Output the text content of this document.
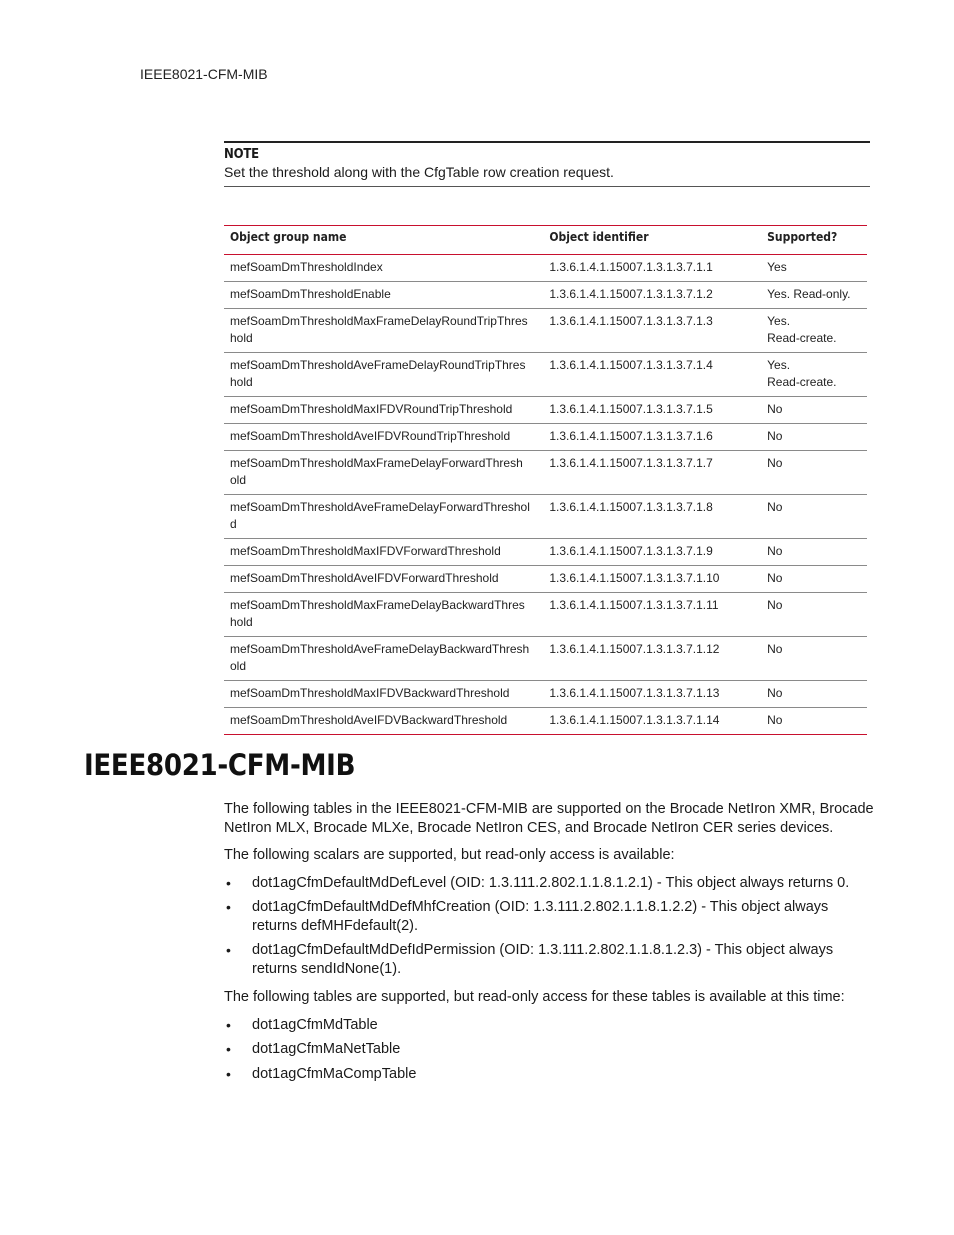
IEEE8021-CFM-MIB
NOTE
Set the threshold along with the CfgTable row creation request.
Object group name	Object identifier	Supported?
mefSoamDmThresholdIndex	1.3.6.1.4.1.15007.1.3.1.3.7.1.1	Yes
mefSoamDmThresholdEnable	1.3.6.1.4.1.15007.1.3.1.3.7.1.2	Yes. Read-only.
mefSoamDmThresholdMaxFrameDelayRoundTripThres
hold	1.3.6.1.4.1.15007.1.3.1.3.7.1.3	Yes.
Read-create.
mefSoamDmThresholdAveFrameDelayRoundTripThres
hold	1.3.6.1.4.1.15007.1.3.1.3.7.1.4	Yes.
Read-create.
mefSoamDmThresholdMaxIFDVRoundTripThreshold	1.3.6.1.4.1.15007.1.3.1.3.7.1.5	No
mefSoamDmThresholdAveIFDVRoundTripThreshold	1.3.6.1.4.1.15007.1.3.1.3.7.1.6	No
mefSoamDmThresholdMaxFrameDelayForwardThresh
old	1.3.6.1.4.1.15007.1.3.1.3.7.1.7	No
mefSoamDmThresholdAveFrameDelayForwardThreshol
d	1.3.6.1.4.1.15007.1.3.1.3.7.1.8	No
mefSoamDmThresholdMaxIFDVForwardThreshold	1.3.6.1.4.1.15007.1.3.1.3.7.1.9	No
mefSoamDmThresholdAveIFDVForwardThreshold	1.3.6.1.4.1.15007.1.3.1.3.7.1.10	No
mefSoamDmThresholdMaxFrameDelayBackwardThres
hold	1.3.6.1.4.1.15007.1.3.1.3.7.1.11	No
mefSoamDmThresholdAveFrameDelayBackwardThresh
old	1.3.6.1.4.1.15007.1.3.1.3.7.1.12	No
mefSoamDmThresholdMaxIFDVBackwardThreshold	1.3.6.1.4.1.15007.1.3.1.3.7.1.13	No
mefSoamDmThresholdAveIFDVBackwardThreshold	1.3.6.1.4.1.15007.1.3.1.3.7.1.14	No
IEEE8021-CFM-MIB

The following tables in the IEEE8021-CFM-MIB are supported on the Brocade NetIron XMR, Brocade NetIron MLX, Brocade MLXe, Brocade NetIron CES, and Brocade NetIron CER series devices.

The following scalars are supported, but read-only access is available:

• dot1agCfmDefaultMdDefLevel (OID: 1.3.111.2.802.1.1.8.1.2.1) - This object always returns 0.
• dot1agCfmDefaultMdDefMhfCreation (OID: 1.3.111.2.802.1.1.8.1.2.2) - This object always returns defMHFdefault(2).
• dot1agCfmDefaultMdDefIdPermission (OID: 1.3.111.2.802.1.1.8.1.2.3) - This object always returns sendIdNone(1).

The following tables are supported, but read-only access for these tables is available at this time:

• dot1agCfmMdTable
• dot1agCfmMaNetTable
• dot1agCfmMaCompTable
